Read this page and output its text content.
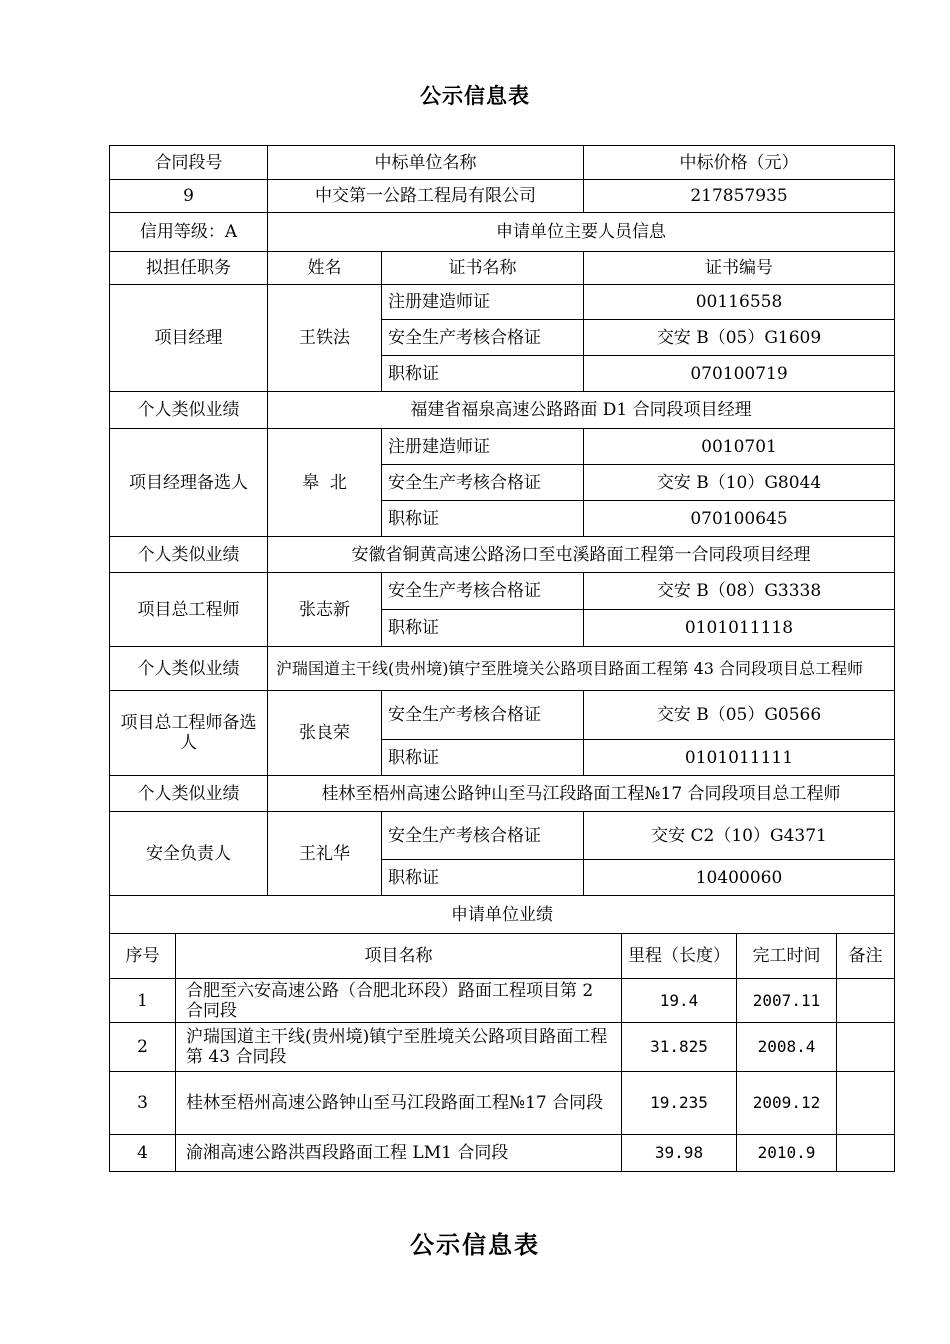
公示信息表
合同段号	中标单位名称		中标价格（元）
9	中交第一公路工程局有限公司		217857935
信用等级：A	申请单位主要人员信息		
拟担任职务	姓名	证书名称	证书编号
项目经理	王铁法	注册建造师证	00116558
		安全生产考核合格证	交安 B（05）G1609
		职称证	070100719
个人类似业绩	福建省福泉高速公路路面 D1 合同段项目经理		
项目经理备选人	皋  北	注册建造师证	0010701
		安全生产考核合格证	交安 B（10）G8044
		职称证	070100645
个人类似业绩	安徽省铜黄高速公路汤口至屯溪路面工程第一合同段项目经理		
项目总工程师	张志新	安全生产考核合格证	交安 B（08）G3338
		职称证	0101011118
个人类似业绩	沪瑞国道主干线(贵州境)镇宁至胜境关公路项目路面工程第 43 合同段项目总工程师		
项目总工程师备选人	张良荣	安全生产考核合格证	交安 B（05）G0566
		职称证	0101011111
个人类似业绩	桂林至梧州高速公路钟山至马江段路面工程№17 合同段项目总工程师		
安全负责人	王礼华	安全生产考核合格证	交安 C2（10）G4371
		职称证	10400060
申请单位业绩			
序号	项目名称	里程（长度）	完工时间	备注
1	合肥至六安高速公路（合肥北环段）路面工程项目第 2 合同段	19.4	2007.11	
2	沪瑞国道主干线(贵州境)镇宁至胜境关公路项目路面工程第 43 合同段	31.825	2008.4	
3	桂林至梧州高速公路钟山至马江段路面工程№17 合同段	19.235	2009.12	
4	渝湘高速公路洪酉段路面工程 LM1 合同段	39.98	2010.9	
公示信息表
